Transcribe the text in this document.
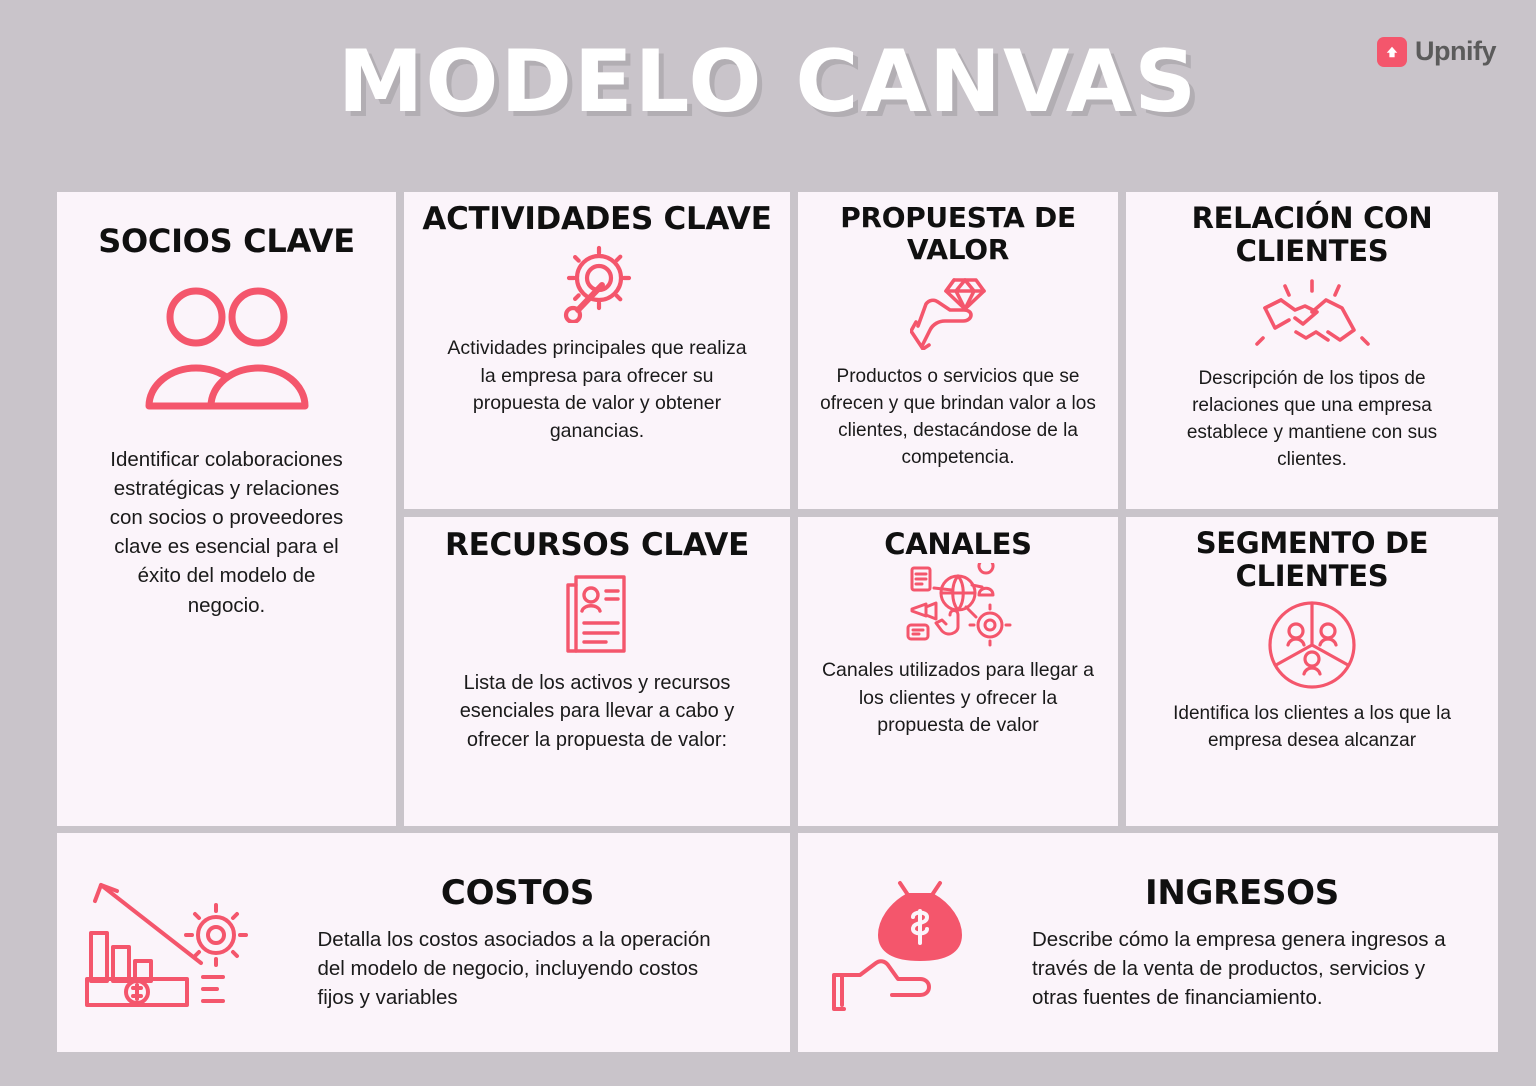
MODELO CANVAS	Upnify
SOCIOS CLAVE

Identificar colaboraciones estratégicas y relaciones con socios o proveedores clave es esencial para el éxito del modelo de negocio.

ACTIVIDADES CLAVE

Actividades principales que realiza la empresa para ofrecer su propuesta de valor y obtener ganancias.

PROPUESTA DE VALOR

Productos o servicios que se ofrecen y que brindan valor a los clientes, destacándose de la competencia.

RELACIÓN CON CLIENTES

Descripción de los tipos de relaciones que una empresa establece y mantiene con sus clientes.

RECURSOS CLAVE

Lista de los activos y recursos esenciales para llevar a cabo y ofrecer la propuesta de valor:

CANALES

Canales utilizados para llegar a los clientes y ofrecer la propuesta de valor

SEGMENTO DE CLIENTES

Identifica los clientes a los que la empresa desea alcanzar

COSTOS

Detalla los costos asociados a la operación del modelo de negocio, incluyendo costos fijos y variables

INGRESOS

Describe cómo la empresa genera ingresos a través de la venta de productos, servicios y otras fuentes de financiamiento.
